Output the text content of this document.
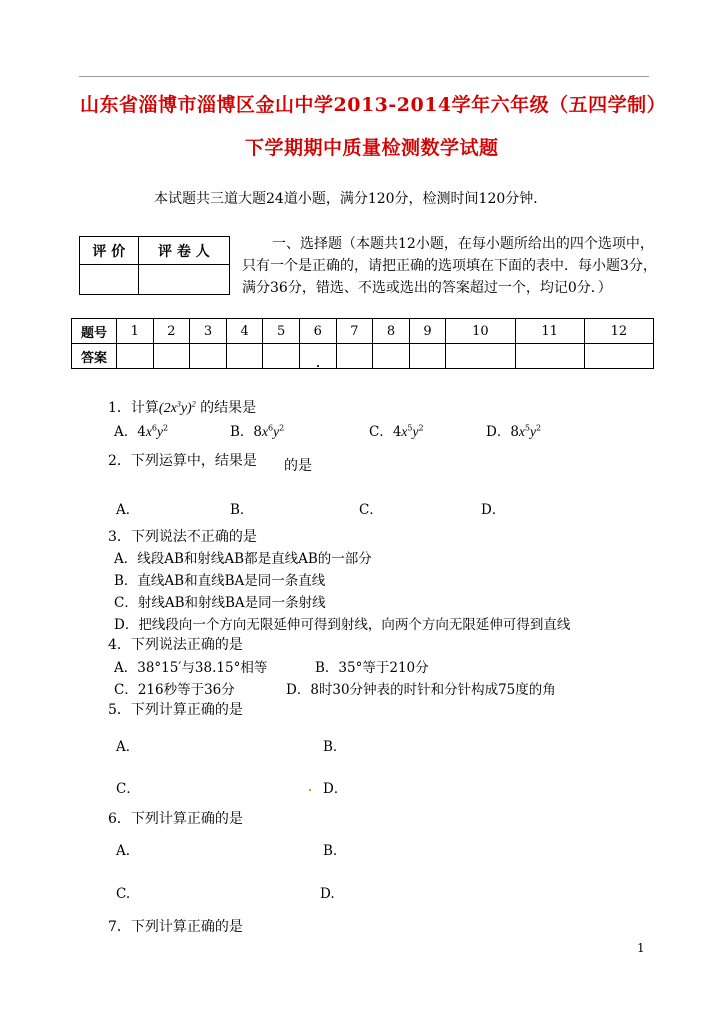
山东省淄博市淄博区金山中学2013-2014学年六年级（五四学制）
下学期期中质量检测数学试题
本试题共三道大题24道小题，满分120分，检测时间120分钟．
评 价	评 卷 人
		一、选择题（本题共12小题，在每小题所给出的四个选项中，
只有一个是正确的，请把正确的选项填在下面的表中．每小题3分，
满分36分，错选、不选或选出的答案超过一个，均记0分．）
题号	1	2	3	4	5	6	7	8	9	10	11	12
答案												
1．计算$(2x^3y)^2$ 的结果是
A．$4x^6y^2$	B．$8x^6y^2$	C．$4x^5y^2$	D．$8x^5y^2$
2．下列运算中，结果是 的是
A．	B．	C．	D．
3．下列说法不正确的是
A．线段AB和射线AB都是直线AB的一部分
B．直线AB和直线BA是同一条直线
C．射线AB和射线BA是同一条射线
D．把线段向一个方向无限延伸可得到射线，向两个方向无限延伸可得到直线
4．下列说法正确的是
A．38°15′与38.15°相等	B．35°等于210分
C．216秒等于36分	D．8时30分钟表的时针和分针构成75度的角
5．下列计算正确的是
A．	B．
C．	D．
6．下列计算正确的是
A.	B.
C.	D.
7．下列计算正确的是
1
